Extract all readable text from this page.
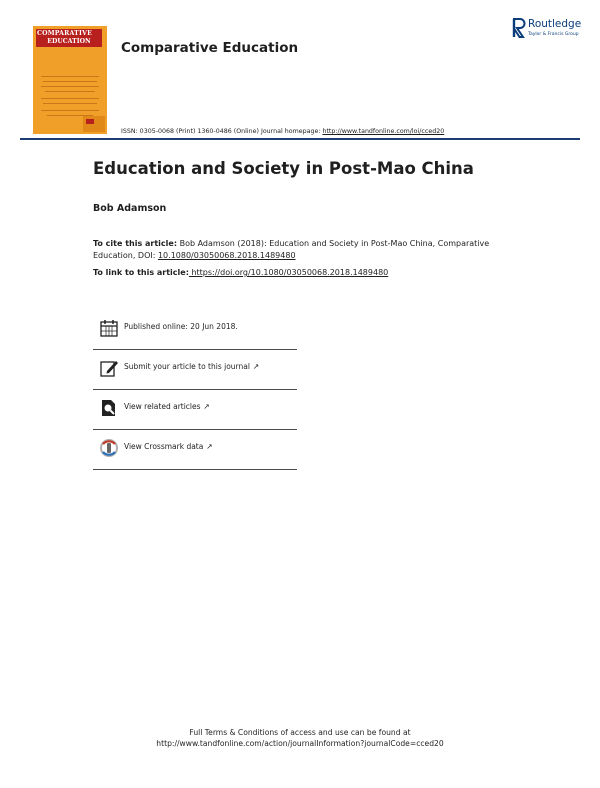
COMPARATIVE
EDUCATION	Comparative Education
Routledge
Taylor & Francis Group
ISSN: 0305-0068 (Print) 1360-0486 (Online) Journal homepage: http://www.tandfonline.com/loi/cced20
Education and Society in Post-Mao China
Bob Adamson
To cite this article: Bob Adamson (2018): Education and Society in Post-Mao China, Comparative Education, DOI: 10.1080/03050068.2018.1489480
To link to this article: https://doi.org/10.1080/03050068.2018.1489480
Published online: 20 Jun 2018.
Submit your article to this journal ↗
View related articles ↗
View Crossmark data ↗
Full Terms & Conditions of access and use can be found at
http://www.tandfonline.com/action/journalInformation?journalCode=cced20
